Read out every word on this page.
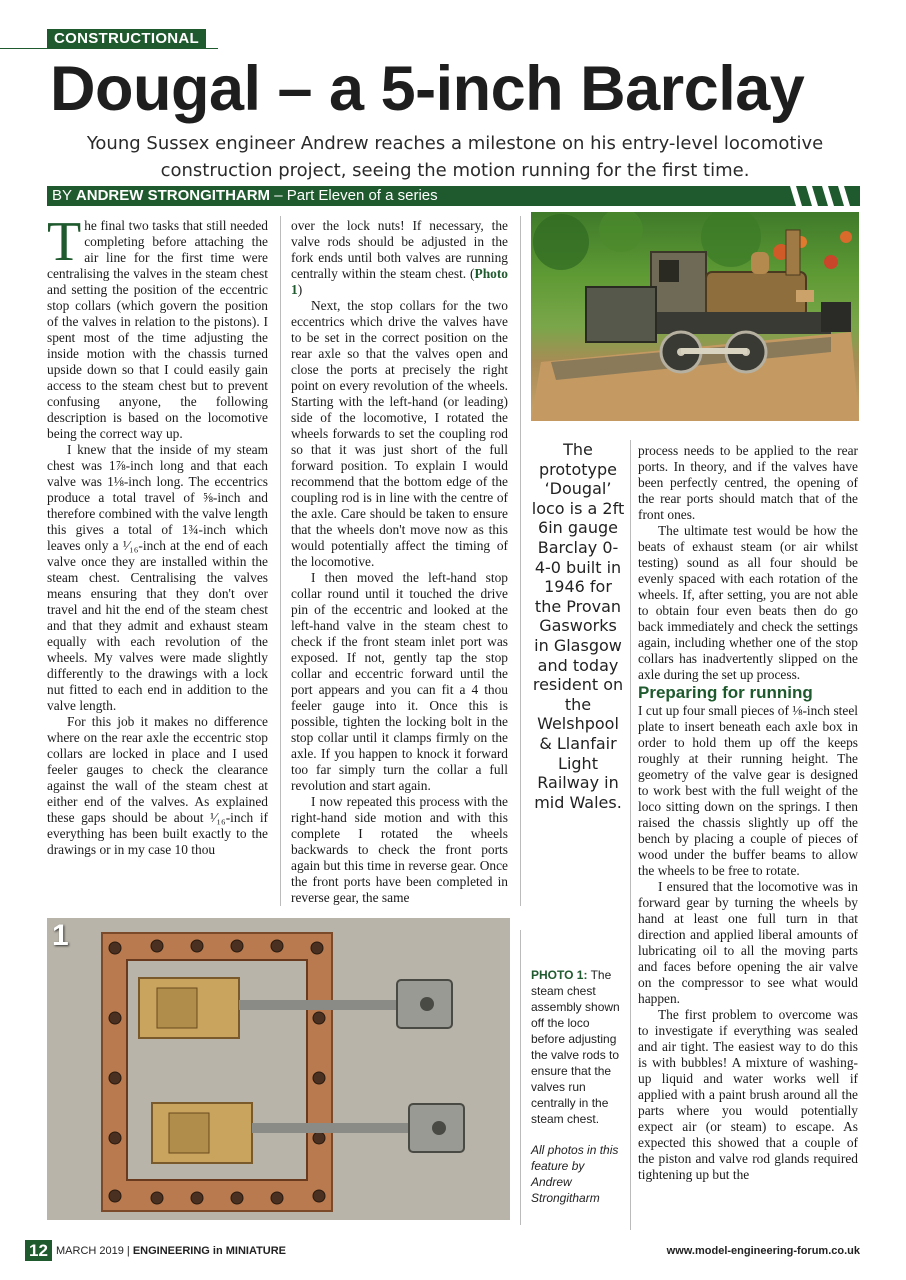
CONSTRUCTIONAL
Dougal – a 5-inch Barclay
Young Sussex engineer Andrew reaches a milestone on his entry-level locomotive construction project, seeing the motion running for the first time.
BY ANDREW STRONGITHARM – Part Eleven of a series

The final two tasks that still needed completing before attaching the air line for the first time were centralising the valves in the steam chest and setting the position of the eccentric stop collars (which govern the position of the valves in relation to the pistons). I spent most of the time adjusting the inside motion with the chassis turned upside down so that I could easily gain access to the steam chest but to prevent confusing anyone, the following description is based on the locomotive being the correct way up.

I knew that the inside of my steam chest was 1⅞-inch long and that each valve was 1⅛-inch long. The eccentrics produce a total travel of ⅝-inch and therefore combined with the valve length this gives a total of 1¾-inch which leaves only a ¹⁄₁₆-inch at the end of each valve once they are installed within the steam chest. Centralising the valves means ensuring that they don't over travel and hit the end of the steam chest and that they admit and exhaust steam equally with each revolution of the wheels. My valves were made slightly differently to the drawings with a lock nut fitted to each end in addition to the valve length.

For this job it makes no difference where on the rear axle the eccentric stop collars are locked in place and I used feeler gauges to check the clearance against the wall of the steam chest at either end of the valves. As explained these gaps should be about ¹⁄₁₆-inch if everything has been built exactly to the drawings or in my case 10 thou

over the lock nuts! If necessary, the valve rods should be adjusted in the fork ends until both valves are running centrally within the steam chest. (Photo 1)

Next, the stop collars for the two eccentrics which drive the valves have to be set in the correct position on the rear axle so that the valves open and close the ports at precisely the right point on every revolution of the wheels. Starting with the left-hand (or leading) side of the locomotive, I rotated the wheels forwards to set the coupling rod so that it was just short of the full forward position. To explain I would recommend that the bottom edge of the coupling rod is in line with the centre of the axle. Care should be taken to ensure that the wheels don't move now as this would potentially affect the timing of the locomotive.

I then moved the left-hand stop collar round until it touched the drive pin of the eccentric and looked at the left-hand valve in the steam chest to check if the front steam inlet port was exposed. If not, gently tap the stop collar and eccentric forward until the port appears and you can fit a 4 thou feeler gauge into it. Once this is possible, tighten the locking bolt in the stop collar until it clamps firmly on the axle. If you happen to knock it forward too far simply turn the collar a full revolution and start again.

I now repeated this process with the right-hand side motion and with this complete I rotated the wheels backwards to check the front ports again but this time in reverse gear. Once the front ports have been completed in reverse gear, the same

The prototype ‘Dougal’ loco is a 2ft 6in gauge Barclay 0-4-0 built in 1946 for the Provan Gasworks in Glasgow and today resident on the Welshpool & Llanfair Light Railway in mid Wales.

process needs to be applied to the rear ports. In theory, and if the valves have been perfectly centred, the opening of the rear ports should match that of the front ones.

The ultimate test would be how the beats of exhaust steam (or air whilst testing) sound as all four should be evenly spaced with each rotation of the wheels. If, after setting, you are not able to obtain four even beats then do go back immediately and check the settings again, including whether one of the stop collars has inadvertently slipped on the axle during the set up process.

Preparing for running

I cut up four small pieces of ⅛-inch steel plate to insert beneath each axle box in order to hold them up off the keeps roughly at their running height. The geometry of the valve gear is designed to work best with the full weight of the loco sitting down on the springs. I then raised the chassis slightly up off the bench by placing a couple of pieces of wood under the buffer beams to allow the wheels to be free to rotate.

I ensured that the locomotive was in forward gear by turning the wheels by hand at least one full turn in that direction and applied liberal amounts of lubricating oil to all the moving parts and faces before opening the air valve on the compressor to see what would happen.

The first problem to overcome was to investigate if everything was sealed and air tight. The easiest way to do this is with bubbles! A mixture of washing-up liquid and water works well if applied with a paint brush around all the parts where you would potentially expect air (or steam) to escape. As expected this showed that a couple of the piston and valve rod glands required tightening up but the

1
PHOTO 1: The steam chest assembly shown off the loco before adjusting the valve rods to ensure that the valves run centrally in the steam chest.
All photos in this feature by Andrew Strongitharm
12 MARCH 2019 | ENGINEERING in MINIATURE	www.model-engineering-forum.co.uk
